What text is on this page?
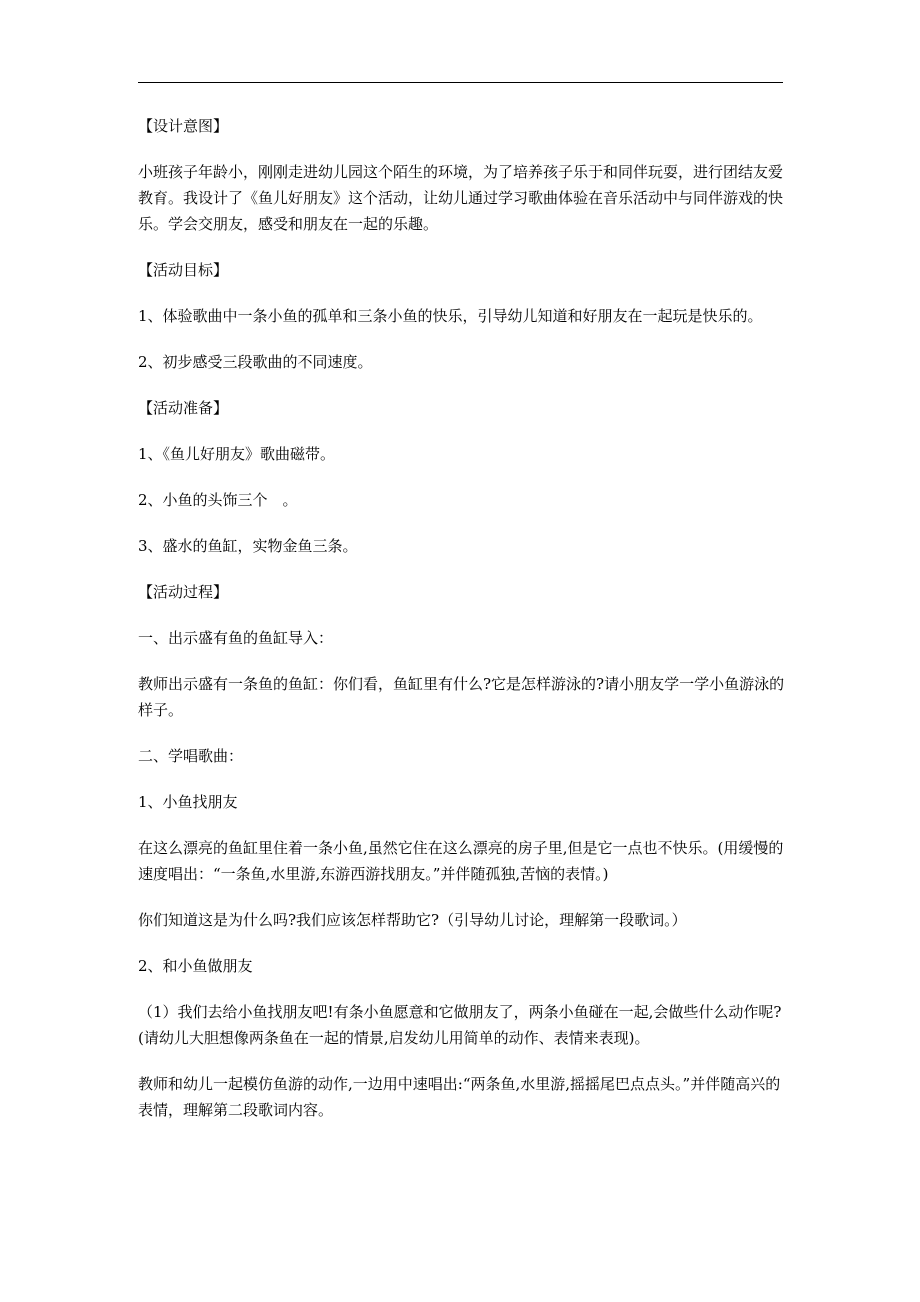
【设计意图】

小班孩子年龄小，刚刚走进幼儿园这个陌生的环境，为了培养孩子乐于和同伴玩耍，进行团结友爱教育。我设计了《鱼儿好朋友》这个活动，让幼儿通过学习歌曲体验在音乐活动中与同伴游戏的快乐。学会交朋友，感受和朋友在一起的乐趣。

【活动目标】

1、体验歌曲中一条小鱼的孤单和三条小鱼的快乐，引导幼儿知道和好朋友在一起玩是快乐的。

2、初步感受三段歌曲的不同速度。

【活动准备】

1、《鱼儿好朋友》歌曲磁带。

2、小鱼的头饰三个　。

3、盛水的鱼缸，实物金鱼三条。

【活动过程】

一、出示盛有鱼的鱼缸导入：

教师出示盛有一条鱼的鱼缸：你们看，鱼缸里有什么?它是怎样游泳的?请小朋友学一学小鱼游泳的样子。

二、学唱歌曲：

1、小鱼找朋友

在这么漂亮的鱼缸里住着一条小鱼,虽然它住在这么漂亮的房子里,但是它一点也不快乐。(用缓慢的速度唱出：“一条鱼,水里游,东游西游找朋友。”并伴随孤独,苦恼的表情。)

你们知道这是为什么吗?我们应该怎样帮助它?（引导幼儿讨论，理解第一段歌词。）

2、和小鱼做朋友

（1）我们去给小鱼找朋友吧!有条小鱼愿意和它做朋友了，两条小鱼碰在一起,会做些什么动作呢?(请幼儿大胆想像两条鱼在一起的情景,启发幼儿用简单的动作、表情来表现)。

教师和幼儿一起模仿鱼游的动作,一边用中速唱出:“两条鱼,水里游,摇摇尾巴点点头。”并伴随高兴的表情，理解第二段歌词内容。
